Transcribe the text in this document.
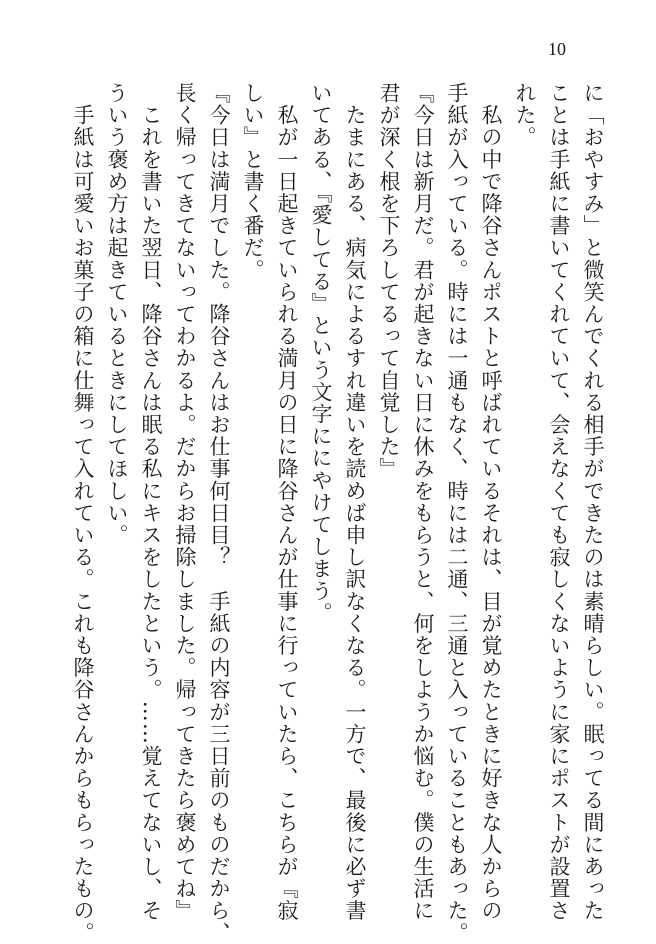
10
に「おやすみ」と微笑んでくれる相手ができたのは素晴らしい。眠ってる間にあった
ことは手紙に書いてくれていて、会えなくても寂しくないように家にポストが設置さ
れた。
　私の中で降谷さんポストと呼ばれているそれは、目が覚めたときに好きな人からの
手紙が入っている。時には一通もなく、時には二通、三通と入っていることもあった。
『今日は新月だ。君が起きない日に休みをもらうと、何をしようか悩む。僕の生活に
君が深く根を下ろしてるって自覚した』
　たまにある、病気によるすれ違いを読めば申し訳なくなる。一方で、最後に必ず書
いてある、『愛してる』という文字ににやけてしまう。
　私が一日起きていられる満月の日に降谷さんが仕事に行っていたら、こちらが『寂
しい』と書く番だ。
『今日は満月でした。降谷さんはお仕事何日目？　手紙の内容が三日前のものだから、
長く帰ってきてないってわかるよ。だからお掃除しました。帰ってきたら褒めてね』
　これを書いた翌日、降谷さんは眠る私にキスをしたという。……覚えてないし、そ
ういう褒め方は起きているときにしてほしい。
　手紙は可愛いお菓子の箱に仕舞って入れている。これも降谷さんからもらったもの。
